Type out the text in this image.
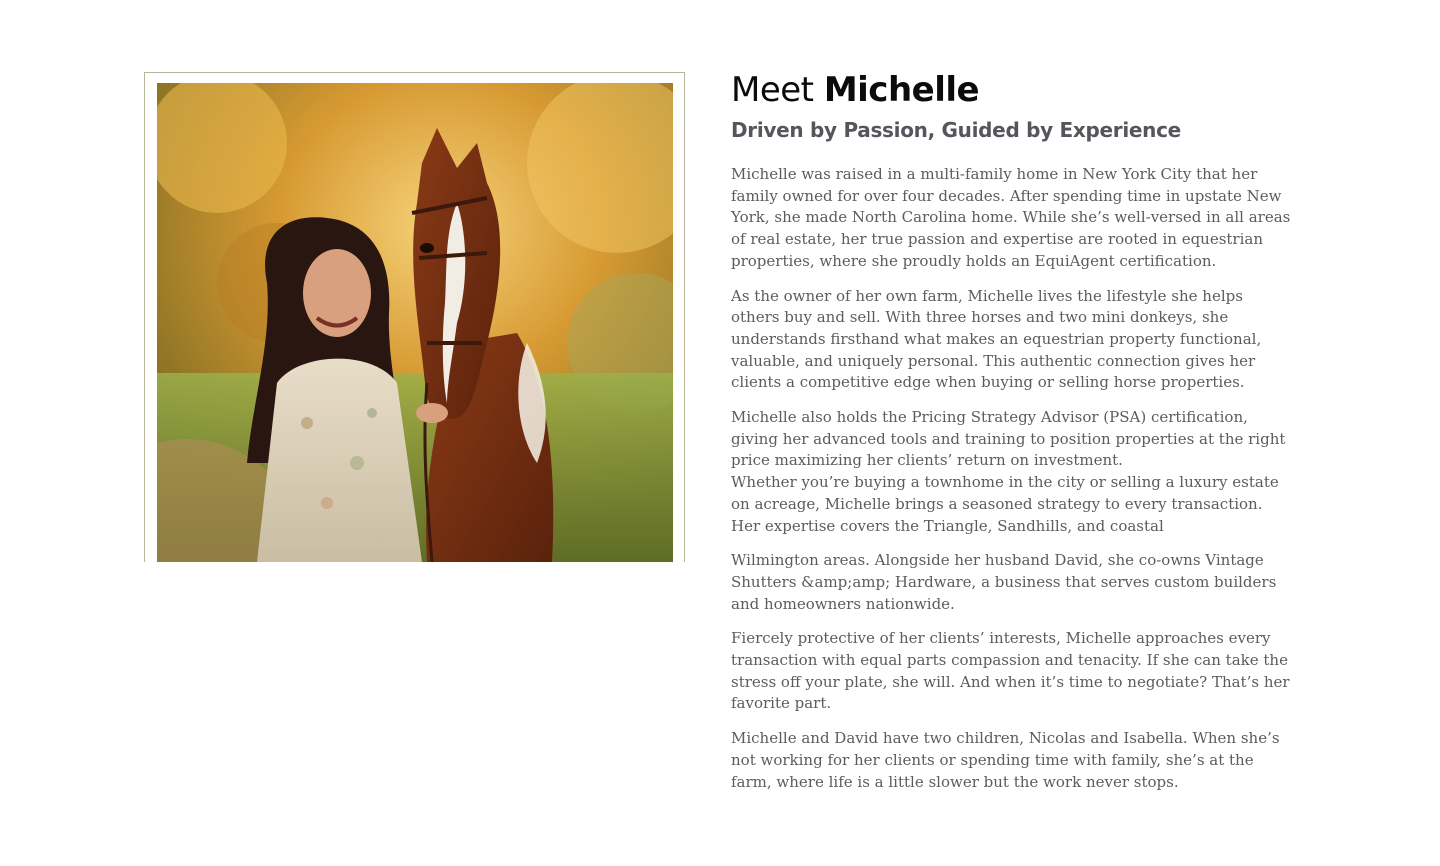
Meet Michelle
Driven by Passion, Guided by Experience

Michelle was raised in a multi-family home in New York City that her family owned for over four decades. After spending time in upstate New York, she made North Carolina home. While she’s well-versed in all areas of real estate, her true passion and expertise are rooted in equestrian properties, where she proudly holds an EquiAgent certification.

As the owner of her own farm, Michelle lives the lifestyle she helps others buy and sell. With three horses and two mini donkeys, she understands firsthand what makes an equestrian property functional, valuable, and uniquely personal. This authentic connection gives her clients a competitive edge when buying or selling horse properties.

Michelle also holds the Pricing Strategy Advisor (PSA) certification, giving her advanced tools and training to position properties at the right price maximizing her clients’ return on investment.

Whether you’re buying a townhome in the city or selling a luxury estate on acreage, Michelle brings a seasoned strategy to every transaction. Her expertise covers the Triangle, Sandhills, and coastal

Wilmington areas. Alongside her husband David, she co-owns Vintage Shutters &amp;amp; Hardware, a business that serves custom builders and homeowners nationwide.

Fiercely protective of her clients’ interests, Michelle approaches every transaction with equal parts compassion and tenacity. If she can take the stress off your plate, she will. And when it’s time to negotiate? That’s her favorite part.

Michelle and David have two children, Nicolas and Isabella. When she’s not working for her clients or spending time with family, she’s at the farm, where life is a little slower but the work never stops.
